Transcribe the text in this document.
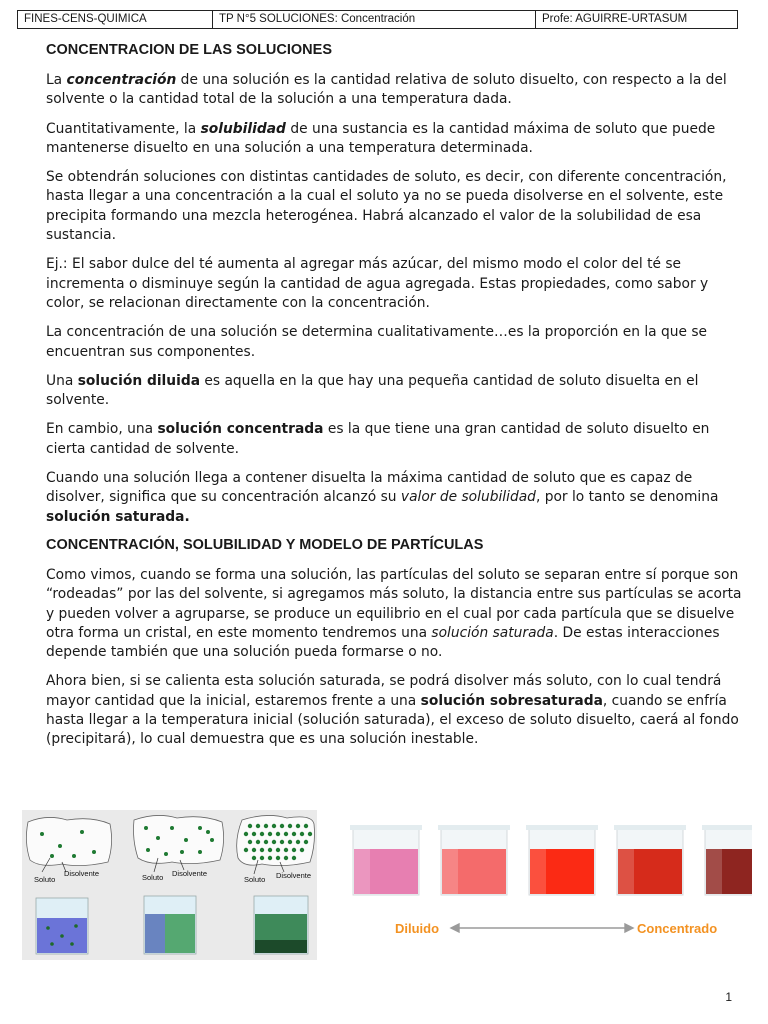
FINES-CENS-QUIMICA	TP N°5 SOLUCIONES: Concentración	Profe: AGUIRRE-URTASUM
CONCENTRACION DE LAS SOLUCIONES

La concentración de una solución es la cantidad relativa de soluto disuelto, con respecto a la del solvente o la cantidad total de la solución a una temperatura dada.

Cuantitativamente, la solubilidad de una sustancia es la cantidad máxima de soluto que puede mantenerse disuelto en una solución a una temperatura determinada.

Se obtendrán soluciones con distintas cantidades de soluto, es decir, con diferente concentración, hasta llegar a una concentración a la cual el soluto ya no se pueda disolverse en el solvente, este precipita formando una mezcla heterogénea. Habrá alcanzado el valor de la solubilidad de esa sustancia.

Ej.: El sabor dulce del té aumenta al agregar más azúcar, del mismo modo el color del té se incrementa o disminuye según la cantidad de agua agregada. Estas propiedades, como sabor y color, se relacionan directamente con la concentración.

La concentración de una solución se determina cualitativamente…es la proporción en la que se encuentran sus componentes.

Una solución diluida es aquella en la que hay una pequeña cantidad de soluto disuelta en el solvente.

En cambio, una solución concentrada es la que tiene una gran cantidad de soluto disuelto en cierta cantidad de solvente.

Cuando una solución llega a contener disuelta la máxima cantidad de soluto que es capaz de disolver, significa que su concentración alcanzó su valor de solubilidad, por lo tanto se denomina solución saturada.

CONCENTRACIÓN, SOLUBILIDAD Y MODELO DE PARTÍCULAS

Como vimos, cuando se forma una solución, las partículas del soluto se separan entre sí porque son “rodeadas” por las del solvente, si agregamos más soluto, la distancia entre sus partículas se acorta y pueden volver a agruparse, se produce un equilibrio en el cual por cada partícula que se disuelve otra forma un cristal, en este momento tendremos una solución saturada. De estas interacciones depende también que una solución pueda formarse o no.

Ahora bien, si se calienta esta solución saturada, se podrá disolver más soluto, con lo cual tendrá mayor cantidad que la inicial, estaremos frente a una solución sobresaturada, cuando se enfría hasta llegar a la temperatura inicial (solución saturada), el exceso de soluto disuelto, caerá al fondo (precipitará), lo cual demuestra que es una solución inestable.

Soluto
Disolvente	Soluto Disolvente
Soluto Disolvente
Diluido	Concentrado
1
